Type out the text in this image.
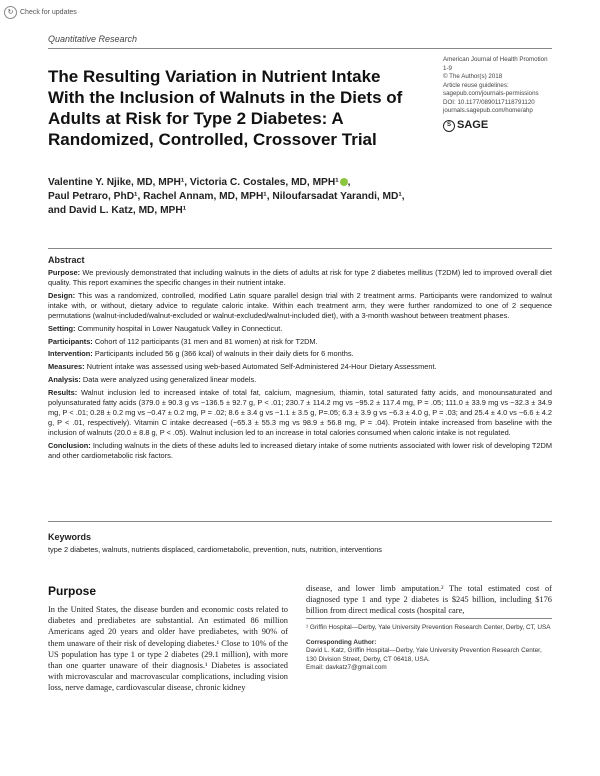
↻ Check for updates
Quantitative Research
The Resulting Variation in Nutrient Intake With the Inclusion of Walnuts in the Diets of Adults at Risk for Type 2 Diabetes: A Randomized, Controlled, Crossover Trial
American Journal of Health Promotion
1-9
© The Author(s) 2018
Article reuse guidelines:
sagepub.com/journals-permissions
DOI: 10.1177/0890117118791120
journals.sagepub.com/home/ahp
S SAGE
Valentine Y. Njike, MD, MPH¹, Victoria C. Costales, MD, MPH¹ ,
Paul Petraro, PhD¹, Rachel Annam, MD, MPH¹, Niloufarsadat Yarandi, MD¹,
and David L. Katz, MD, MPH¹
Abstract
Purpose: We previously demonstrated that including walnuts in the diets of adults at risk for type 2 diabetes mellitus (T2DM) led to improved overall diet quality. This report examines the specific changes in their nutrient intake.
Design: This was a randomized, controlled, modified Latin square parallel design trial with 2 treatment arms. Participants were randomized to walnut intake with, or without, dietary advice to regulate caloric intake. Within each treatment arm, they were further randomized to one of 2 sequence permutations (walnut-included/walnut-excluded or walnut-excluded/walnut-included diet), with a 3-month washout between treatment phases.
Setting: Community hospital in Lower Naugatuck Valley in Connecticut.
Participants: Cohort of 112 participants (31 men and 81 women) at risk for T2DM.
Intervention: Participants included 56 g (366 kcal) of walnuts in their daily diets for 6 months.
Measures: Nutrient intake was assessed using web-based Automated Self-Administered 24-Hour Dietary Assessment.
Analysis: Data were analyzed using generalized linear models.
Results: Walnut inclusion led to increased intake of total fat, calcium, magnesium, thiamin, total saturated fatty acids, and monounsaturated and polyunsaturated fatty acids (379.0 ± 90.3 g vs −136.5 ± 92.7 g, P < .01; 230.7 ± 114.2 mg vs −95.2 ± 117.4 mg, P = .05; 111.0 ± 33.9 mg vs −32.3 ± 34.9 mg, P < .01; 0.28 ± 0.2 mg vs −0.47 ± 0.2 mg, P = .02; 8.6 ± 3.4 g vs −1.1 ± 3.5 g, P=.05; 6.3 ± 3.9 g vs −6.3 ± 4.0 g, P = .03; and 25.4 ± 4.0 vs −6.6 ± 4.2 g, P < .01, respectively). Vitamin C intake decreased (−65.3 ± 55.3 mg vs 98.9 ± 56.8 mg, P = .04). Protein intake increased from baseline with the inclusion of walnuts (20.0 ± 8.8 g, P < .05). Walnut inclusion led to an increase in total calories consumed when caloric intake is not regulated.
Conclusion: Including walnuts in the diets of these adults led to increased dietary intake of some nutrients associated with lower risk of developing T2DM and other cardiometabolic risk factors.
Keywords
type 2 diabetes, walnuts, nutrients displaced, cardiometabolic, prevention, nuts, nutrition, interventions
Purpose
In the United States, the disease burden and economic costs related to diabetes and prediabetes are substantial. An estimated 86 million Americans aged 20 years and older have prediabetes, with 90% of them unaware of their risk of developing diabetes.¹ Close to 10% of the US population has type 1 or type 2 diabetes (29.1 million), with more than one quarter unaware of their diagnosis.¹ Diabetes is associated with microvascular and macrovascular complications, including vision loss, nerve damage, cardiovascular disease, chronic kidney
disease, and lower limb amputation.² The total estimated cost of diagnosed type 1 and type 2 diabetes is $245 billion, including $176 billion from direct medical costs (hospital care,
¹ Griffin Hospital—Derby, Yale University Prevention Research Center, Derby, CT, USA
Corresponding Author:
David L. Katz, Griffin Hospital—Derby, Yale University Prevention Research Center, 130 Division Street, Derby, CT 06418, USA.
Email: davkatz7@gmail.com
